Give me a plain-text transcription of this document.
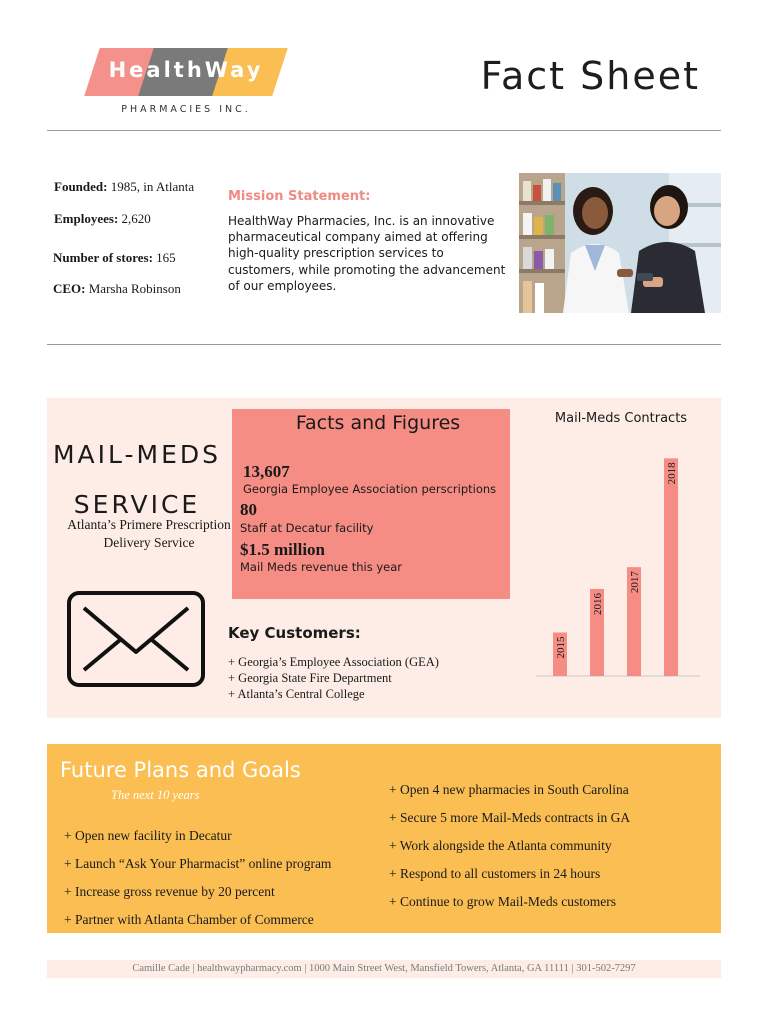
HealthWay
PHARMACIES INC.
Fact Sheet
Founded: 1985, in Atlanta
Employees: 2,620
Number of stores: 165
CEO: Marsha Robinson
Mission Statement:
HealthWay Pharmacies, Inc. is an innovative pharmaceutical company aimed at offering high-quality prescription services to customers, while promoting the advancement of our employees.
MAIL-MEDS
SERVICE
Atlanta’s Primere Prescription Delivery Service
Facts and Figures
13,607
Georgia Employee Association perscriptions
80
Staff at Decatur facility
$1.5 million
Mail Meds revenue this year
Key Customers:
+ Georgia’s Employee Association (GEA)
+ Georgia State Fire Department
+ Atlanta’s Central College
Mail-Meds Contracts
2015
2016
2017
2018
Future Plans and Goals
The next 10 years
+ Open new facility in Decatur
+ Launch “Ask Your Pharmacist” online program
+ Increase gross revenue by 20 percent
+ Partner with Atlanta Chamber of Commerce
+ Open 4 new pharmacies in South Carolina
+ Secure 5 more Mail-Meds contracts in GA
+ Work alongside the Atlanta community
+ Respond to all customers in 24 hours
+ Continue to grow Mail-Meds customers
Camille Cade | healthwaypharmacy.com | 1000 Main Street West, Mansfield Towers, Atlanta, GA 11111 | 301-502-7297
